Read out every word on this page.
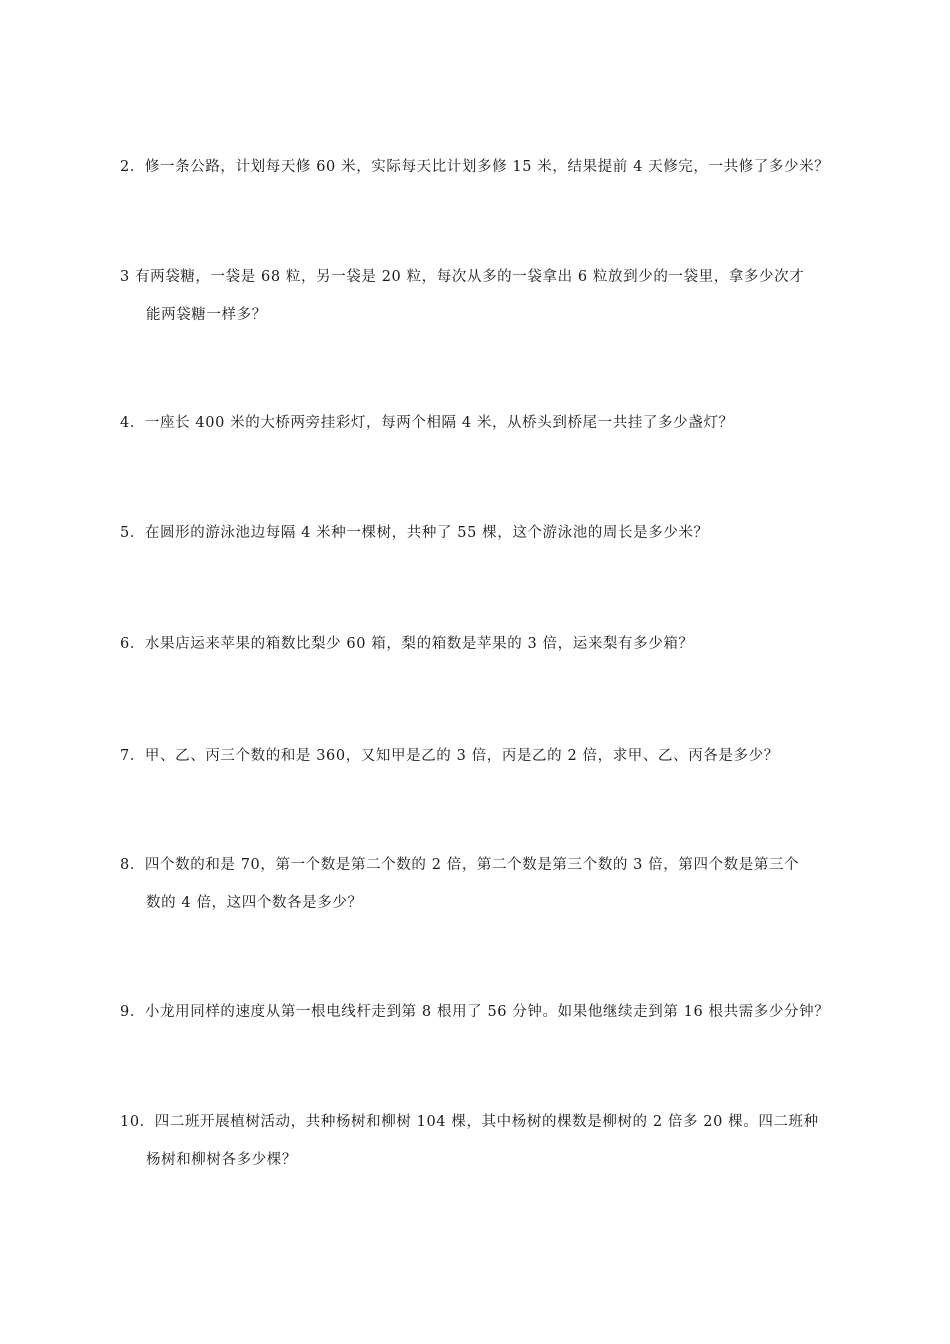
2．修一条公路，计划每天修 60 米，实际每天比计划多修 15 米，结果提前 4 天修完，一共修了多少米？
3 有两袋糖，一袋是 68 粒，另一袋是 20 粒，每次从多的一袋拿出 6 粒放到少的一袋里，拿多少次才
能两袋糖一样多？
4．一座长 400 米的大桥两旁挂彩灯，每两个相隔 4 米，从桥头到桥尾一共挂了多少盏灯？
5．在圆形的游泳池边每隔 4 米种一棵树，共种了 55 棵，这个游泳池的周长是多少米？
6．水果店运来苹果的箱数比梨少 60 箱，梨的箱数是苹果的 3 倍，运来梨有多少箱？
7．甲、乙、丙三个数的和是 360，又知甲是乙的 3 倍，丙是乙的 2 倍，求甲、乙、丙各是多少？
8．四个数的和是 70，第一个数是第二个数的 2 倍，第二个数是第三个数的 3 倍，第四个数是第三个
数的 4 倍，这四个数各是多少？
9．小龙用同样的速度从第一根电线杆走到第 8 根用了 56 分钟。如果他继续走到第 16 根共需多少分钟？
10．四二班开展植树活动，共种杨树和柳树 104 棵，其中杨树的棵数是柳树的 2 倍多 20 棵。四二班种
杨树和柳树各多少棵？
